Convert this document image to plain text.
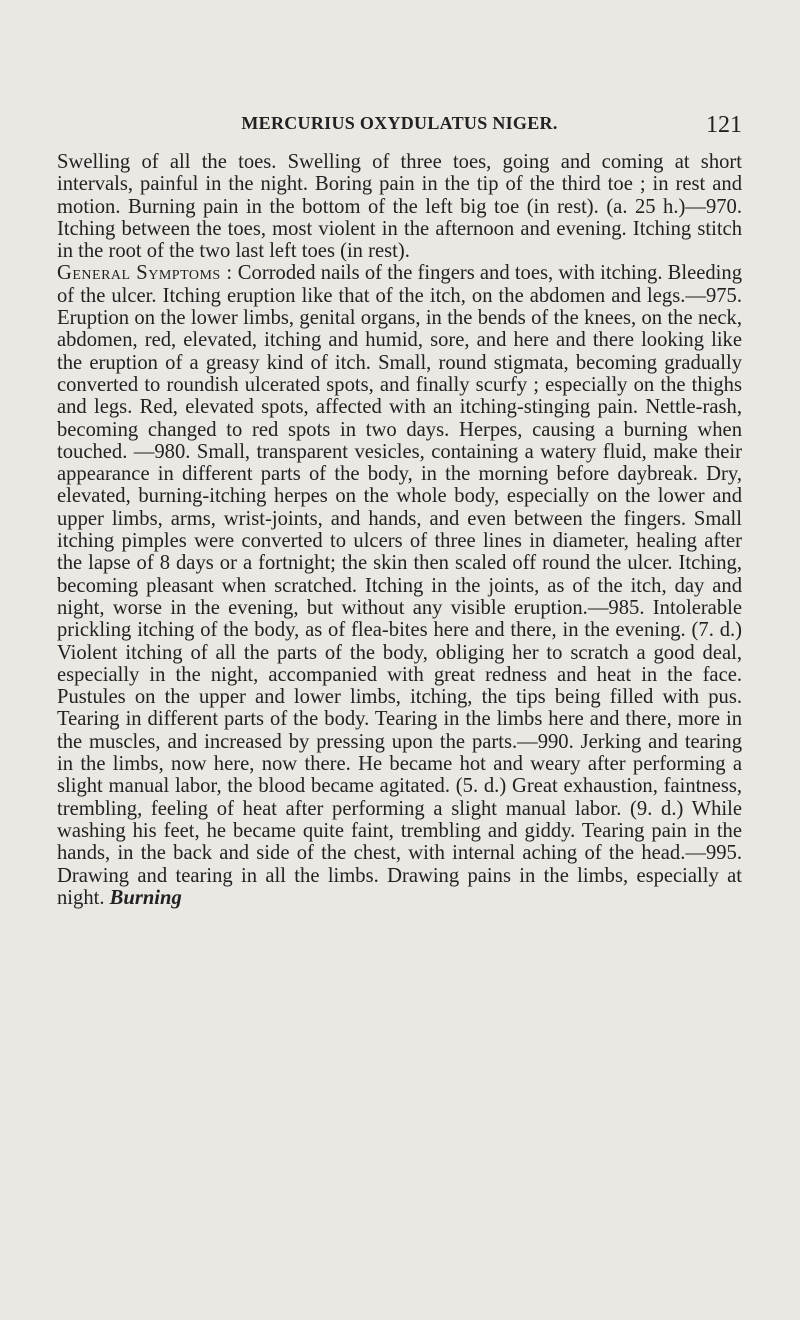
MERCURIUS OXYDULATUS NIGER.	121

Swelling of all the toes. Swelling of three toes, going and coming at short intervals, painful in the night. Boring pain in the tip of the third toe ; in rest and motion. Burning pain in the bottom of the left big toe (in rest). (a. 25 h.)—970. Itching between the toes, most violent in the afternoon and evening. Itching stitch in the root of the two last left toes (in rest).

General Symptoms : Corroded nails of the fingers and toes, with itching. Bleeding of the ulcer. Itching eruption like that of the itch, on the abdomen and legs.—975. Eruption on the lower limbs, genital organs, in the bends of the knees, on the neck, abdomen, red, elevated, itching and humid, sore, and here and there looking like the eruption of a greasy kind of itch. Small, round stigmata, becoming gradually converted to roundish ulcerated spots, and finally scurfy ; especially on the thighs and legs. Red, elevated spots, affected with an itching-stinging pain. Nettle-rash, becoming changed to red spots in two days. Herpes, causing a burning when touched. —980. Small, transparent vesicles, containing a watery fluid, make their appearance in different parts of the body, in the morning before daybreak. Dry, elevated, burning-itching herpes on the whole body, especially on the lower and upper limbs, arms, wrist-joints, and hands, and even between the fingers. Small itching pimples were converted to ulcers of three lines in diameter, healing after the lapse of 8 days or a fortnight; the skin then scaled off round the ulcer. Itching, becoming pleasant when scratched. Itching in the joints, as of the itch, day and night, worse in the evening, but without any visible eruption.—985. Intolerable prickling itching of the body, as of flea-bites here and there, in the evening. (7. d.) Violent itching of all the parts of the body, obliging her to scratch a good deal, especially in the night, accompanied with great redness and heat in the face. Pustules on the upper and lower limbs, itching, the tips being filled with pus. Tearing in different parts of the body. Tearing in the limbs here and there, more in the muscles, and increased by pressing upon the parts.—990. Jerking and tearing in the limbs, now here, now there. He became hot and weary after performing a slight manual labor, the blood became agitated. (5. d.) Great exhaustion, faintness, trembling, feeling of heat after performing a slight manual labor. (9. d.) While washing his feet, he became quite faint, trembling and giddy. Tearing pain in the hands, in the back and side of the chest, with internal aching of the head.—995. Drawing and tearing in all the limbs. Drawing pains in the limbs, especially at night. Burning
